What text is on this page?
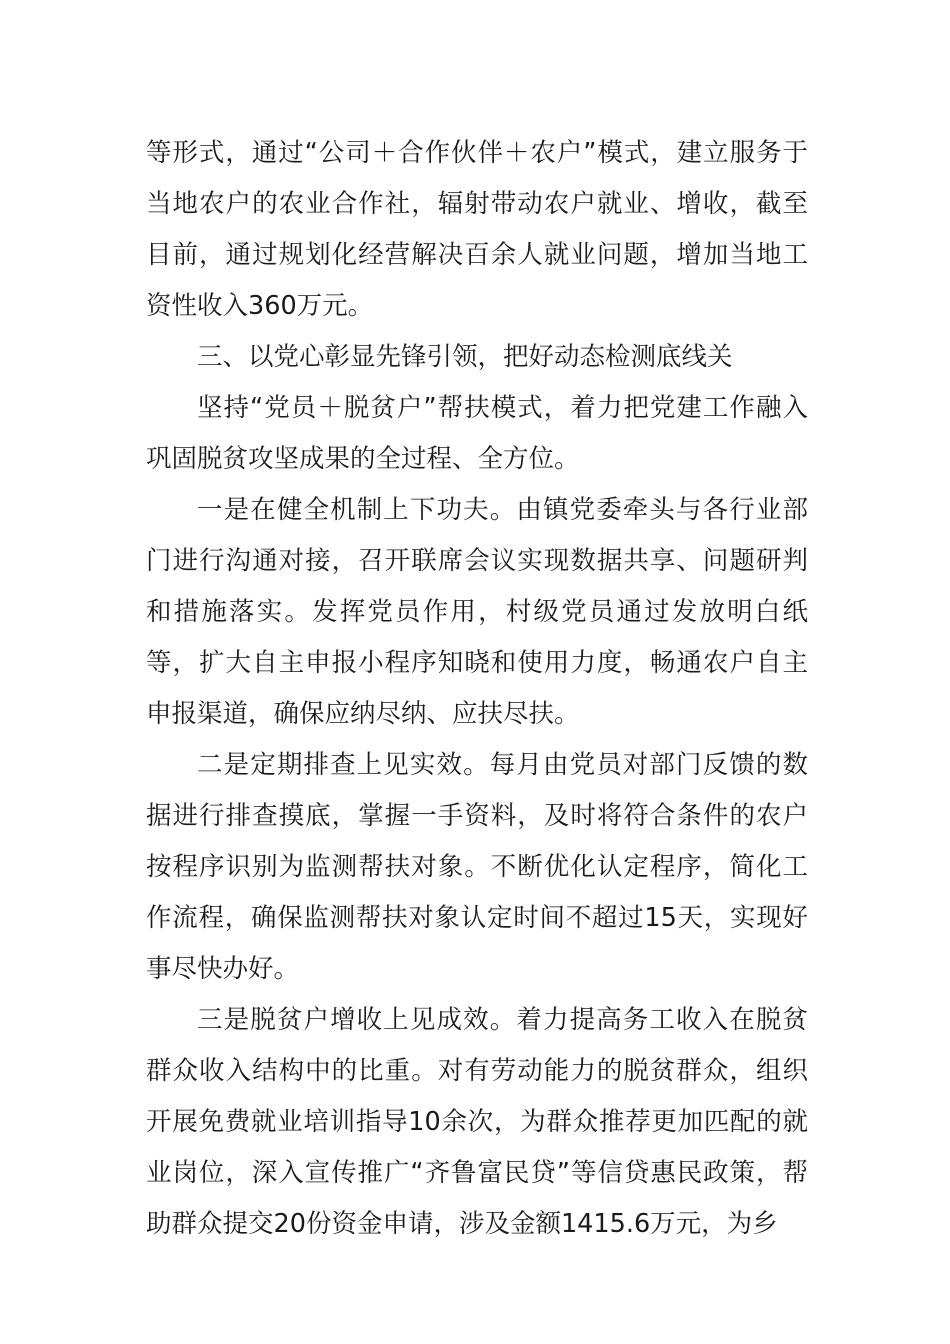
等形式，通过“公司＋合作伙伴＋农户”模式，建立服务于当地农户的农业合作社，辐射带动农户就业、增收，截至目前，通过规划化经营解决百余人就业问题，增加当地工资性收入360万元。

三、以党心彰显先锋引领，把好动态检测底线关

坚持“党员＋脱贫户”帮扶模式，着力把党建工作融入巩固脱贫攻坚成果的全过程、全方位。

一是在健全机制上下功夫。由镇党委牵头与各行业部门进行沟通对接，召开联席会议实现数据共享、问题研判和措施落实。发挥党员作用，村级党员通过发放明白纸等，扩大自主申报小程序知晓和使用力度，畅通农户自主申报渠道，确保应纳尽纳、应扶尽扶。

二是定期排查上见实效。每月由党员对部门反馈的数据进行排查摸底，掌握一手资料，及时将符合条件的农户按程序识别为监测帮扶对象。不断优化认定程序，简化工作流程，确保监测帮扶对象认定时间不超过15天，实现好事尽快办好。

三是脱贫户增收上见成效。着力提高务工收入在脱贫群众收入结构中的比重。对有劳动能力的脱贫群众，组织开展免费就业培训指导10余次，为群众推荐更加匹配的就业岗位，深入宣传推广“齐鲁富民贷”等信贷惠民政策，帮助群众提交20份资金申请，涉及金额1415.6万元，为乡
